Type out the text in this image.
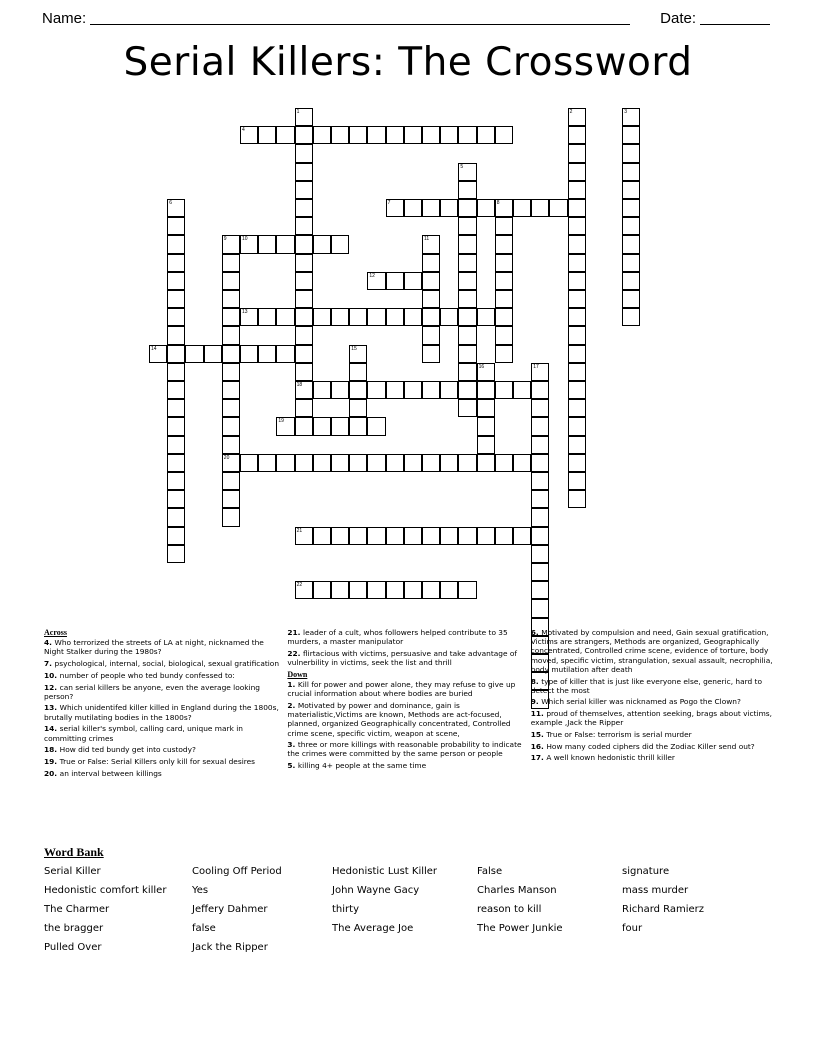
Name:	Date:
Serial Killers: The Crossword
1
18
2	3
4
5
6	7	8
9
20
10	11
12
13
14	15
16	17
19
21
22
Across
4. Who terrorized the streets of LA at night, nicknamed the Night Stalker during the 1980s?
7. psychological, internal, social, biological, sexual gratification
10. number of people who ted bundy confessed to:
12. can serial killers be anyone, even the average looking person?
13. Which unidentifed killer killed in England during the 1800s, brutally mutilating bodies in the 1800s?
14. serial killer's symbol, calling card, unique mark in committing crimes
18. How did ted bundy get into custody?
19. True or False: Serial Killers only kill for sexual desires
20. an interval between killings
21. leader of a cult, whos followers helped contribute to 35 murders, a master manipulator
22. flirtacious with victims, persuasive and take advantage of vulnerbility in victims, seek the list and thrill
Down
1. Kill for power and power alone, they may refuse to give up crucial information about where bodies are buried
2. Motivated by power and dominance, gain is materialistic,Victims are known, Methods are act-focused, planned, organized Geographically concentrated, Controlled crime scene, specific victim, weapon at scene,
3. three or more killings with reasonable probability to indicate the crimes were committed by the same person or people
5. killing 4+ people at the same time
6. Motivated by compulsion and need, Gain sexual gratification, Victims are strangers, Methods are organized, Geographically concentrated, Controlled crime scene, evidence of torture, body moved, specific victim, strangulation, sexual assault, necrophilia, body mutilation after death
8. type of killer that is just like everyone else, generic, hard to detect the most
9. Which serial killer was nicknamed as Pogo the Clown?
11. proud of themselves, attention seeking, brags about victims, example ,Jack the Ripper
15. True or False: terrorism is serial murder
16. How many coded ciphers did the Zodiac Killer send out?
17. A well known hedonistic thrill killer
Word Bank
Serial Killer	Cooling Off Period	Hedonistic Lust Killer	False	signature
Hedonistic comfort killer	Yes	John Wayne Gacy	Charles Manson	mass murder
The Charmer	Jeffery Dahmer	thirty	reason to kill	Richard Ramierz
the bragger	false	The Average Joe	The Power Junkie	four
Pulled Over	Jack the Ripper
